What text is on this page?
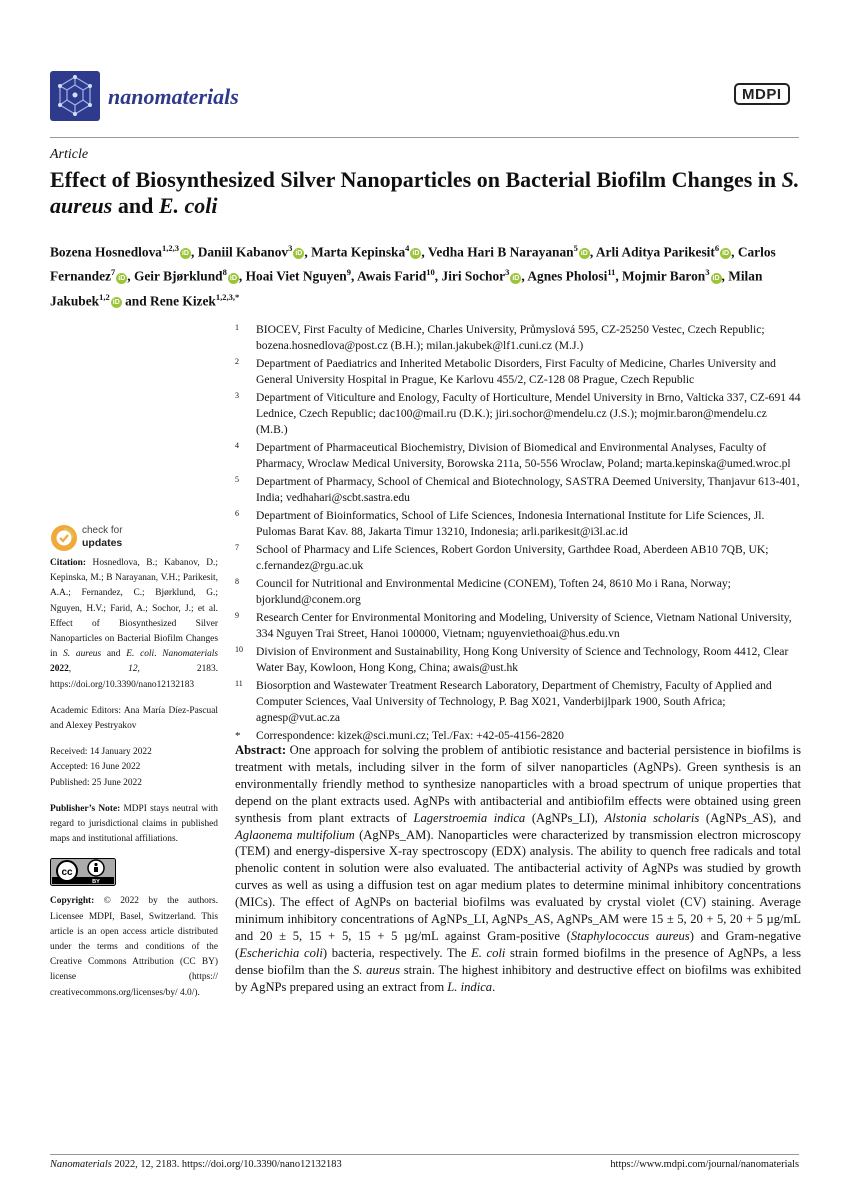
nanomaterials	MDPI
Article
Effect of Biosynthesized Silver Nanoparticles on Bacterial Biofilm Changes in S. aureus and E. coli
Bozena Hosnedlova$^{1,2,3}$iD , Daniil Kabanov$^3$iD , Marta Kepinska$^4$iD , Vedha Hari B Narayanan$^5$iD , Arli Aditya Parikesit$^6$iD , Carlos Fernandez$^7$iD , Geir Bjørklund$^8$iD , Hoai Viet Nguyen$^9$, Awais Farid$^{10}$, Jiri Sochor$^3$iD , Agnes Pholosi$^{11}$, Mojmir Baron$^3$iD , Milan Jakubek$^{1,2}$iD and Rene Kizek$^{1,2,3,*}$
1 BIOCEV, First Faculty of Medicine, Charles University, Průmyslová 595, CZ-25250 Vestec, Czech Republic; bozena.hosnedlova@post.cz (B.H.); milan.jakubek@lf1.cuni.cz (M.J.)
2 Department of Paediatrics and Inherited Metabolic Disorders, First Faculty of Medicine, Charles University and General University Hospital in Prague, Ke Karlovu 455/2, CZ-128 08 Prague, Czech Republic
3 Department of Viticulture and Enology, Faculty of Horticulture, Mendel University in Brno, Valticka 337, CZ-691 44 Lednice, Czech Republic; dac100@mail.ru (D.K.); jiri.sochor@mendelu.cz (J.S.); mojmir.baron@mendelu.cz (M.B.)
4 Department of Pharmaceutical Biochemistry, Division of Biomedical and Environmental Analyses, Faculty of Pharmacy, Wroclaw Medical University, Borowska 211a, 50-556 Wroclaw, Poland; marta.kepinska@umed.wroc.pl
5 Department of Pharmacy, School of Chemical and Biotechnology, SASTRA Deemed University, Thanjavur 613-401, India; vedhahari@scbt.sastra.edu
6 Department of Bioinformatics, School of Life Sciences, Indonesia International Institute for Life Sciences, Jl. Pulomas Barat Kav. 88, Jakarta Timur 13210, Indonesia; arli.parikesit@i3l.ac.id
7 School of Pharmacy and Life Sciences, Robert Gordon University, Garthdee Road, Aberdeen AB10 7QB, UK; c.fernandez@rgu.ac.uk
8 Council for Nutritional and Environmental Medicine (CONEM), Toften 24, 8610 Mo i Rana, Norway; bjorklund@conem.org
9 Research Center for Environmental Monitoring and Modeling, University of Science, Vietnam National University, 334 Nguyen Trai Street, Hanoi 100000, Vietnam; nguyenviethoai@hus.edu.vn
10 Division of Environment and Sustainability, Hong Kong University of Science and Technology, Room 4412, Clear Water Bay, Kowloon, Hong Kong, China; awais@ust.hk
11 Biosorption and Wastewater Treatment Research Laboratory, Department of Chemistry, Faculty of Applied and Computer Sciences, Vaal University of Technology, P. Bag X021, Vanderbijlpark 1900, South Africa; agnesp@vut.ac.za
* Correspondence: kizek@sci.muni.cz; Tel./Fax: +42-05-4156-2820
check for
updates

Citation: Hosnedlova, B.; Kabanov, D.; Kepinska, M.; B Narayanan, V.H.; Parikesit, A.A.; Fernandez, C.; Bjørklund, G.; Nguyen, H.V.; Farid, A.; Sochor, J.; et al. Effect of Biosynthesized Silver Nanoparticles on Bacterial Biofilm Changes in S. aureus and E. coli. Nanomaterials 2022, 12, 2183. https://doi.org/10.3390/nano12132183

Academic Editors: Ana María Díez-Pascual and Alexey Pestryakov

Received: 14 January 2022
Accepted: 16 June 2022
Published: 25 June 2022

Publisher’s Note: MDPI stays neutral with regard to jurisdictional claims in published maps and institutional affiliations.

cc
BY

Copyright: © 2022 by the authors. Licensee MDPI, Basel, Switzerland. This article is an open access article distributed under the terms and conditions of the Creative Commons Attribution (CC BY) license (https:// creativecommons.org/licenses/by/ 4.0/).

Abstract: One approach for solving the problem of antibiotic resistance and bacterial persistence in biofilms is treatment with metals, including silver in the form of silver nanoparticles (AgNPs). Green synthesis is an environmentally friendly method to synthesize nanoparticles with a broad spectrum of unique properties that depend on the plant extracts used. AgNPs with antibacterial and antibiofilm effects were obtained using green synthesis from plant extracts of Lagerstroemia indica (AgNPs_LI), Alstonia scholaris (AgNPs_AS), and Aglaonema multifolium (AgNPs_AM). Nanoparticles were characterized by transmission electron microscopy (TEM) and energy-dispersive X-ray spectroscopy (EDX) analysis. The ability to quench free radicals and total phenolic content in solution were also evaluated. The antibacterial activity of AgNPs was studied by growth curves as well as using a diffusion test on agar medium plates to determine minimal inhibitory concentrations (MICs). The effect of AgNPs on bacterial biofilms was evaluated by crystal violet (CV) staining. Average minimum inhibitory concentrations of AgNPs_LI, AgNPs_AS, AgNPs_AM were 15 ± 5, 20 + 5, 20 + 5 µg/mL and 20 ± 5, 15 + 5, 15 + 5 µg/mL against Gram-positive (Staphylococcus aureus) and Gram-negative (Escherichia coli) bacteria, respectively. The E. coli strain formed biofilms in the presence of AgNPs, a less dense biofilm than the S. aureus strain. The highest inhibitory and destructive effect on biofilms was exhibited by AgNPs prepared using an extract from L. indica.
Nanomaterials 2022, 12, 2183. https://doi.org/10.3390/nano12132183	https://www.mdpi.com/journal/nanomaterials
